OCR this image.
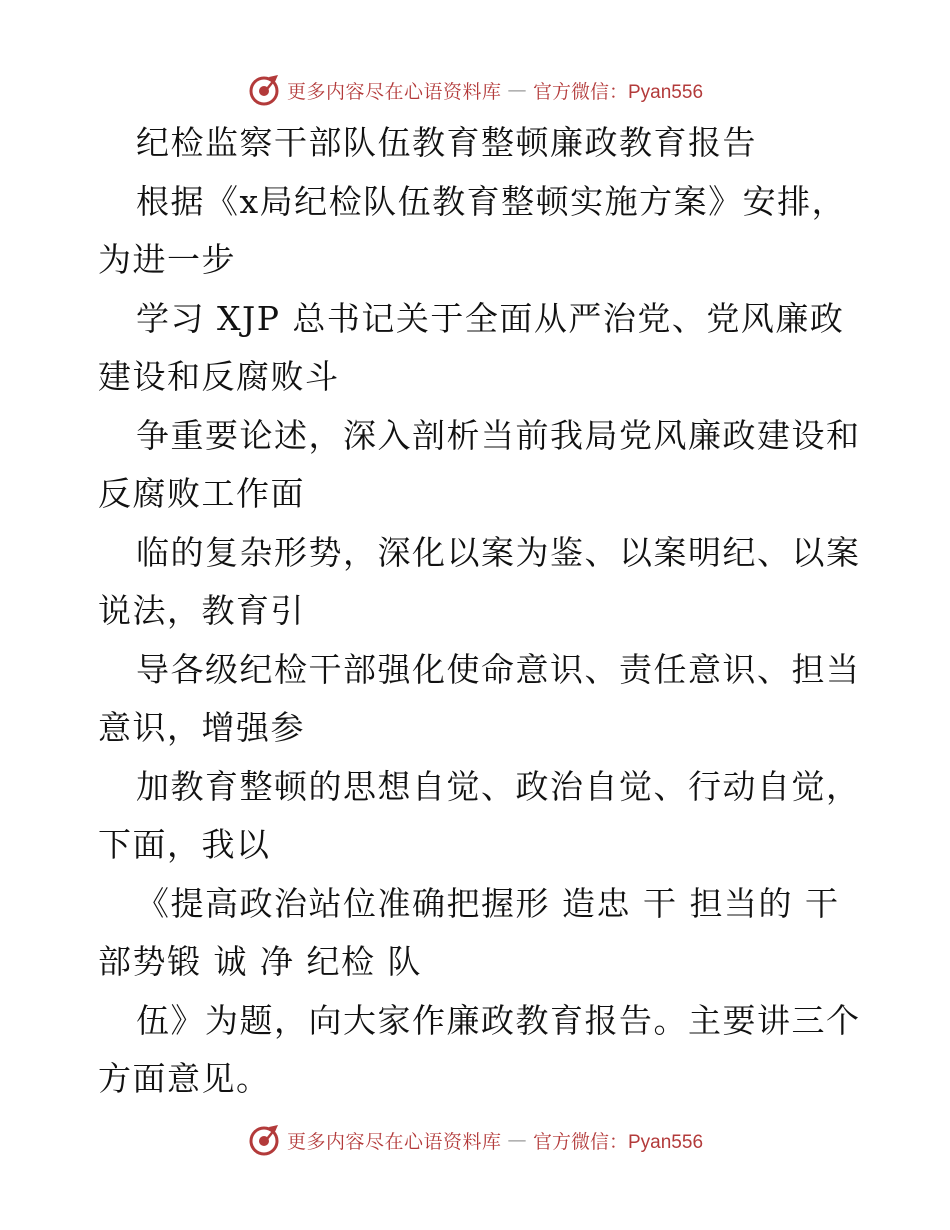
更多内容尽在心语资料库 — 官方微信：Pyan556
纪检监察干部队伍教育整顿廉政教育报告
根据《x局纪检队伍教育整顿实施方案》安排，
为进一步
学习 XJP 总书记关于全面从严治党、党风廉政
建设和反腐败斗
争重要论述，深入剖析当前我局党风廉政建设和
反腐败工作面
临的复杂形势，深化以案为鉴、以案明纪、以案
说法，教育引
导各级纪检干部强化使命意识、责任意识、担当
意识，增强参
加教育整顿的思想自觉、政治自觉、行动自觉，
下面，我以
《提高政治站位准确把握形 造忠 干 担当的 干
部势锻 诚 净 纪检 队
伍》为题，向大家作廉政教育报告。主要讲三个
方面意见。
更多内容尽在心语资料库 — 官方微信：Pyan556
